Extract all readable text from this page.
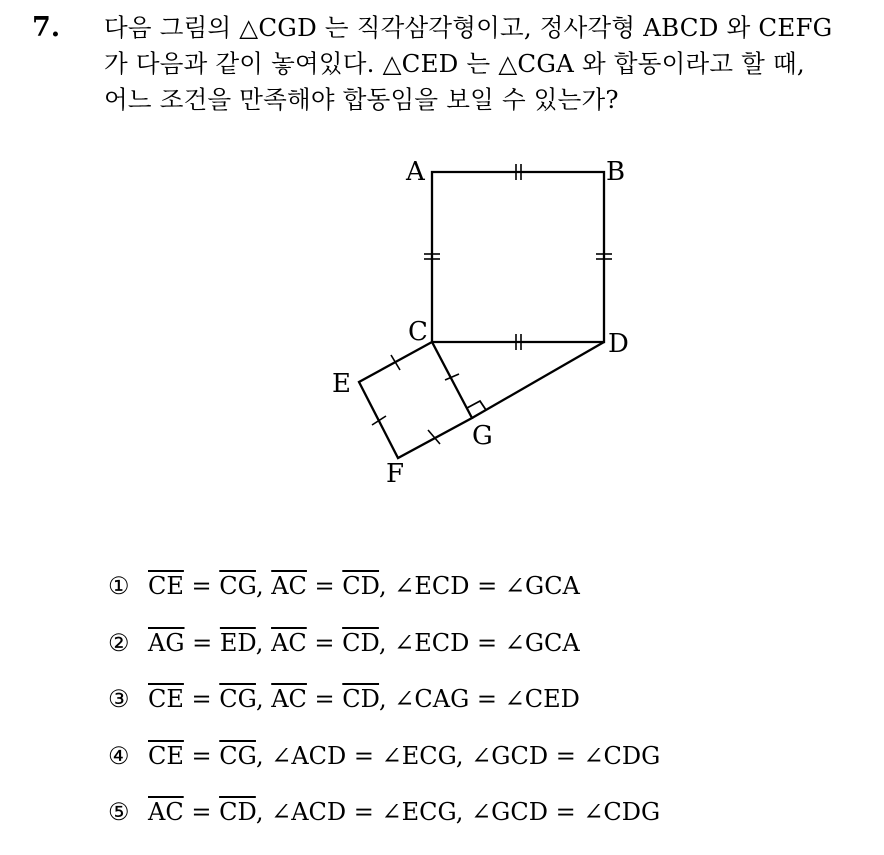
7. 다음 그림의 △CGD 는 직각삼각형이고, 정사각형 ABCD 와 CEFG
가 다음과 같이 놓여있다. △CED 는 △CGA 와 합동이라고 할 때,
어느 조건을 만족해야 합동임을 보일 수 있는가?
A	B
C	D
E
F
G
① $\overline{CE} = \overline{CG}$, $\overline{AC} = \overline{CD}$, ∠ECD = ∠GCA
② $\overline{AG} = \overline{ED}$, $\overline{AC} = \overline{CD}$, ∠ECD = ∠GCA
③ $\overline{CE} = \overline{CG}$, $\overline{AC} = \overline{CD}$, ∠CAG = ∠CED
④ $\overline{CE} = \overline{CG}$, ∠ACD = ∠ECG, ∠GCD = ∠CDG
⑤ $\overline{AC} = \overline{CD}$, ∠ACD = ∠ECG, ∠GCD = ∠CDG
